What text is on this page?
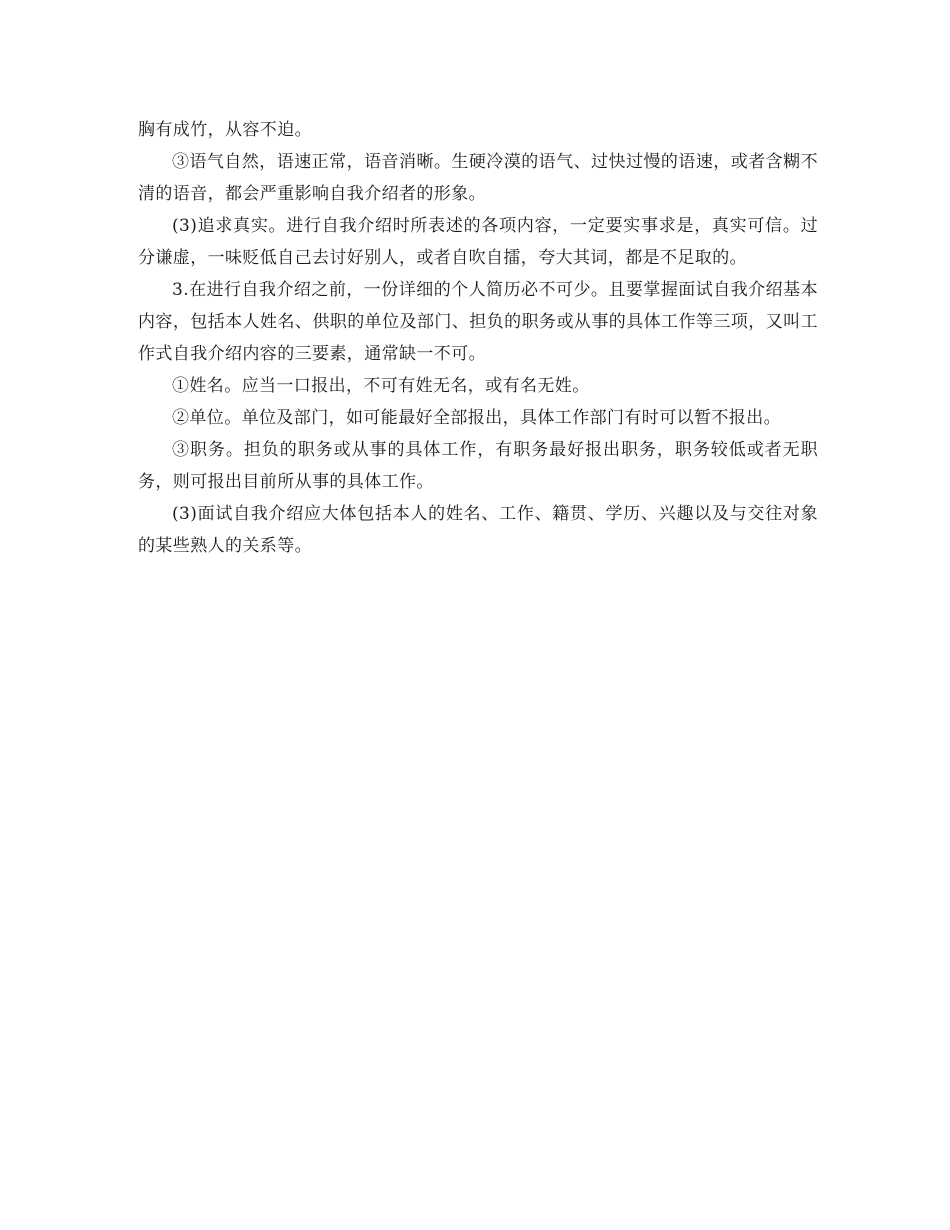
胸有成竹，从容不迫。

③语气自然，语速正常，语音消晰。生硬冷漠的语气、过快过慢的语速，或者含糊不清的语音，都会严重影响自我介绍者的形象。

(3)追求真实。进行自我介绍时所表述的各项内容，一定要实事求是，真实可信。过分谦虚，一味贬低自己去讨好别人，或者自吹自擂，夸大其词，都是不足取的。

3.在进行自我介绍之前，一份详细的个人简历必不可少。且要掌握面试自我介绍基本内容，包括本人姓名、供职的单位及部门、担负的职务或从事的具体工作等三项，又叫工作式自我介绍内容的三要素，通常缺一不可。

①姓名。应当一口报出，不可有姓无名，或有名无姓。

②单位。单位及部门，如可能最好全部报出，具体工作部门有时可以暂不报出。

③职务。担负的职务或从事的具体工作，有职务最好报出职务，职务较低或者无职务，则可报出目前所从事的具体工作。

(3)面试自我介绍应大体包括本人的姓名、工作、籍贯、学历、兴趣以及与交往对象的某些熟人的关系等。
